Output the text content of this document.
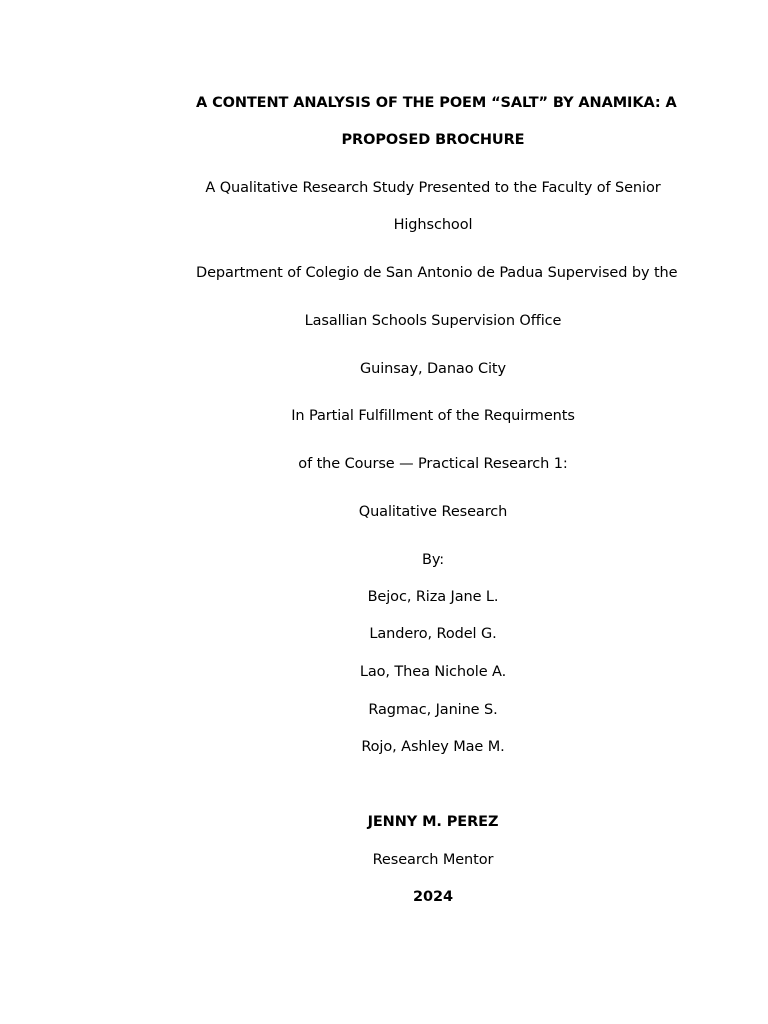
A CONTENT ANALYSIS OF THE POEM “SALT” BY ANAMIKA: A
PROPOSED BROCHURE
A Qualitative Research Study Presented to the Faculty of Senior
Highschool
Department of Colegio de San Antonio de Padua Supervised by the
Lasallian Schools Supervision Office
Guinsay, Danao City
In Partial Fulfillment of the Requirments
of the Course — Practical Research 1:
Qualitative Research
By:
Bejoc, Riza Jane L.
Landero, Rodel G.
Lao, Thea Nichole A.
Ragmac, Janine S.
Rojo, Ashley Mae M.
JENNY M. PEREZ
Research Mentor
2024
